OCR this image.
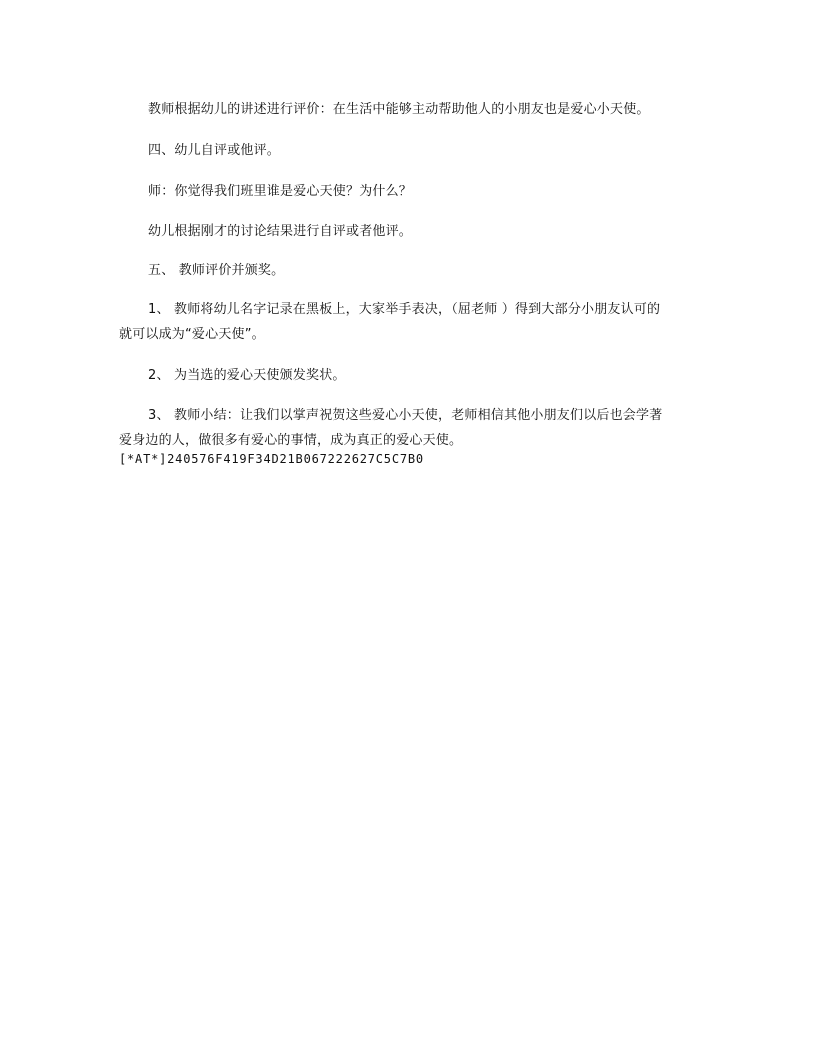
教师根据幼儿的讲述进行评价：在生活中能够主动帮助他人的小朋友也是爱心小天使。
四、幼儿自评或他评。
师：你觉得我们班里谁是爱心天使？为什么？
幼儿根据刚才的讨论结果进行自评或者他评。
五、 教师评价并颁奖。
1、 教师将幼儿名字记录在黑板上，大家举手表决，（屈老师 ）得到大部分小朋友认可的
就可以成为“爱心天使”。
2、 为当选的爱心天使颁发奖状。
3、 教师小结：让我们以掌声祝贺这些爱心小天使，老师相信其他小朋友们以后也会学著
爱身边的人，做很多有爱心的事情，成为真正的爱心天使。
[*AT*]240576F419F34D21B067222627C5C7B0
